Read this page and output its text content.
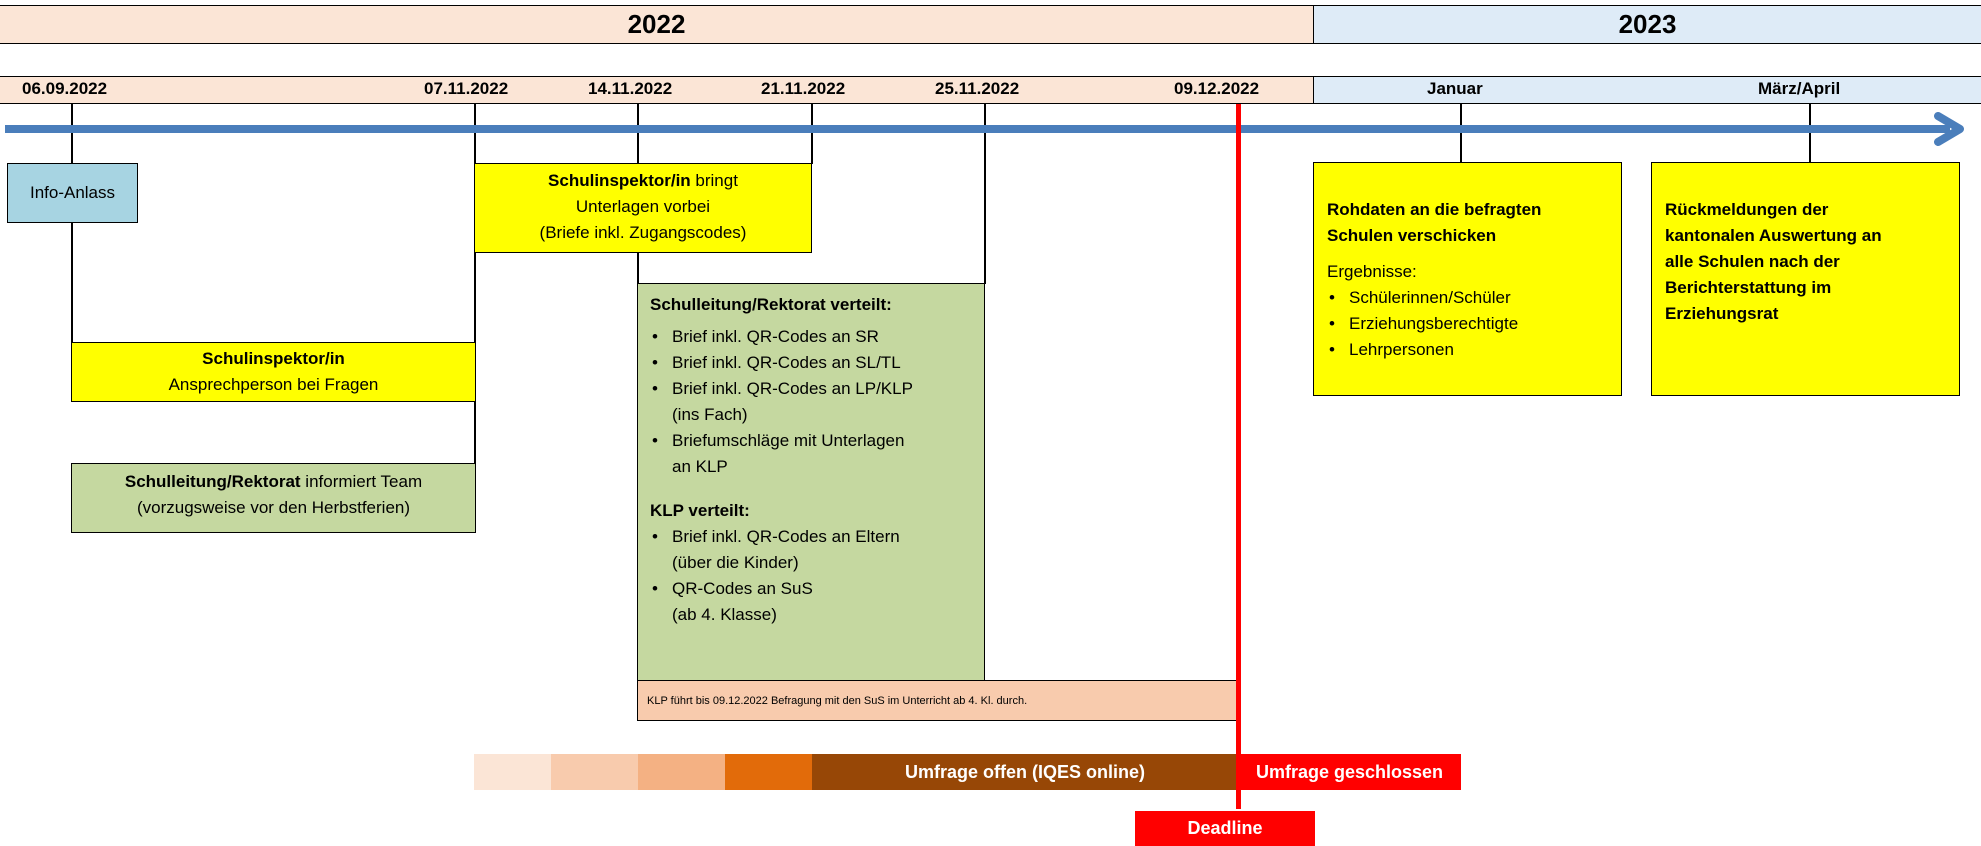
2022	2023
06.09.2022	07.11.2022	14.11.2022	21.11.2022	25.11.2022	09.12.2022	Januar	März/April
Info-Anlass
Schulinspektor/in bringt
Unterlagen vorbei
(Briefe inkl. Zugangscodes)
Schulinspektor/in
Ansprechperson bei Fragen
Schulleitung/Rektorat informiert Team
(vorzugsweise vor den Herbstferien)
Schulleitung/Rektorat verteilt:
• Brief inkl. QR-Codes an SR
• Brief inkl. QR-Codes an SL/TL
• Brief inkl. QR-Codes an LP/KLP
(ins Fach)
• Briefumschläge mit Unterlagen
an KLP
KLP verteilt:
• Brief inkl. QR-Codes an Eltern
(über die Kinder)
• QR-Codes an SuS
(ab 4. Klasse)
KLP führt bis 09.12.2022 Befragung mit den SuS im Unterricht ab 4. Kl. durch.
Rohdaten an die befragten
Schulen verschicken
Ergebnisse:
• Schülerinnen/Schüler
• Erziehungsberechtigte
• Lehrpersonen
Rückmeldungen der
kantonalen Auswertung an
alle Schulen nach der
Berichterstattung im
Erziehungsrat
Umfrage offen (IQES online)	Umfrage geschlossen
Deadline
